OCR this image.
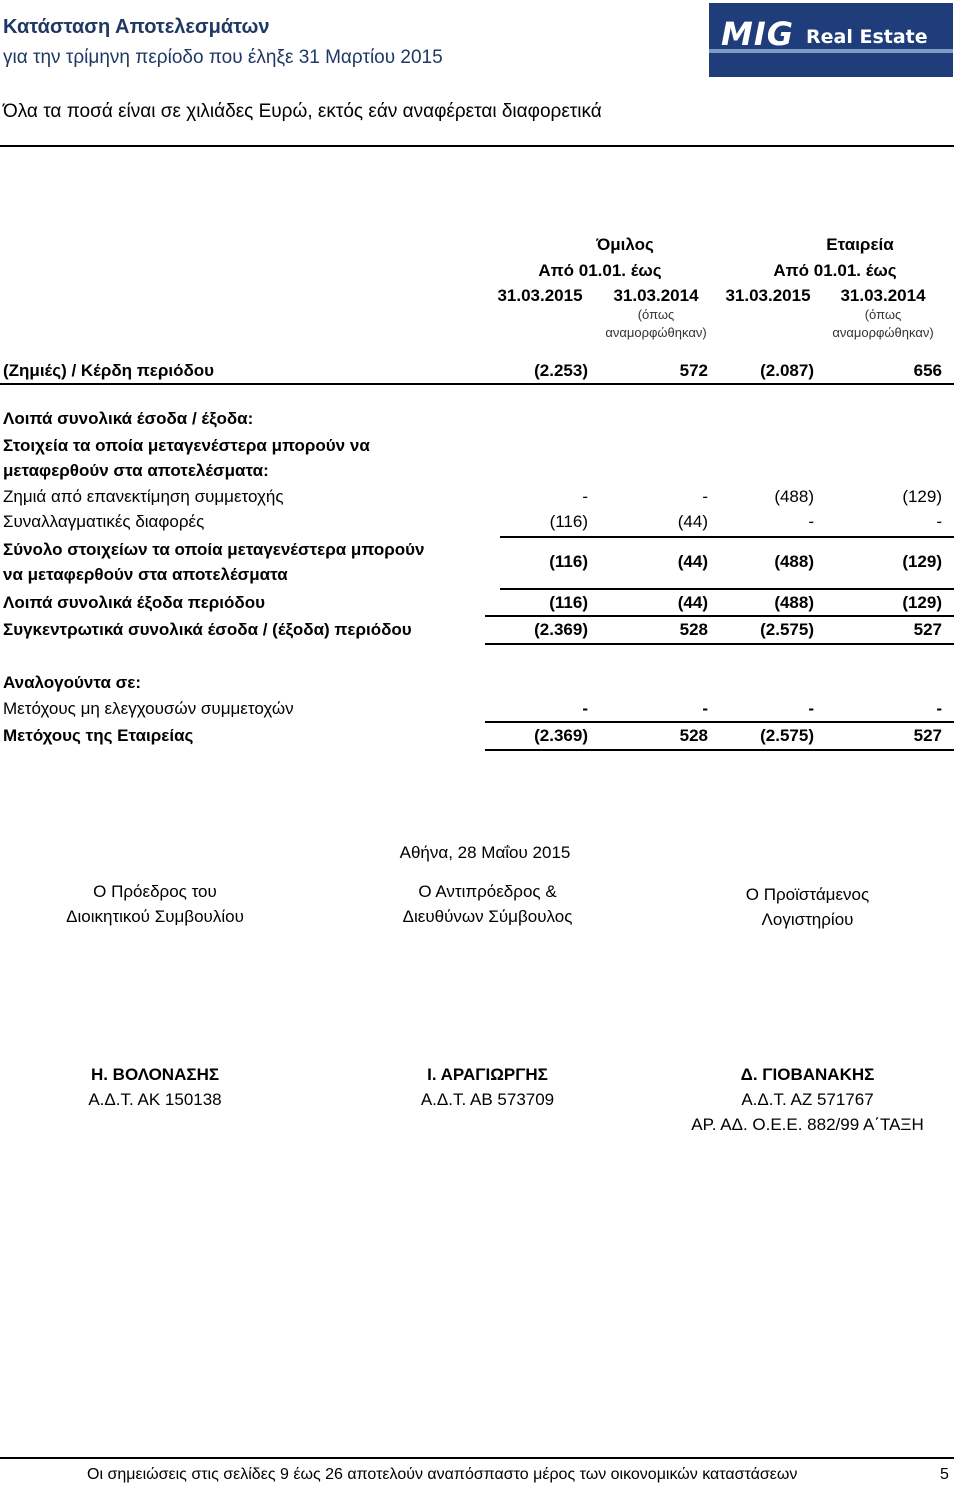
Κατάσταση Αποτελεσμάτων
για την τρίμηνη περίοδο που έληξε 31 Μαρτίου 2015
Όλα τα ποσά είναι σε χιλιάδες Ευρώ, εκτός εάν αναφέρεται διαφορετικά
MIG Real Estate
Όμιλος	Εταιρεία
Από 01.01. έως	Από 01.01. έως
31.03.2015	31.03.2014	31.03.2015	31.03.2014
(όπως
αναμορφώθηκαν)
(όπως
αναμορφώθηκαν)
(Ζημιές) / Κέρδη περιόδου	(2.253)	572	(2.087)	656
Λοιπά συνολικά έσοδα / έξοδα:
Στοιχεία τα οποία μεταγενέστερα μπορούν να
μεταφερθούν στα αποτελέσματα:
Ζημιά από επανεκτίμηση συμμετοχής	-	-	(488)	(129)
Συναλλαγματικές διαφορές	(116)	(44)	-	-
Σύνολο στοιχείων τα οποία μεταγενέστερα μπορούν
να μεταφερθούν στα αποτελέσματα
(116)	(44)	(488)	(129)
Λοιπά συνολικά έξοδα περιόδου	(116)	(44)	(488)	(129)
Συγκεντρωτικά συνολικά έσοδα / (έξοδα) περιόδου	(2.369)	528	(2.575)	527
Αναλογούντα σε:
Μετόχους μη ελεγχουσών συμμετοχών	-	-	-	-
Μετόχους της Εταιρείας	(2.369)	528	(2.575)	527
Αθήνα, 28 Μαΐου 2015
Ο Πρόεδρος του
Διοικητικού Συμβουλίου
Ο Αντιπρόεδρος &
Διευθύνων Σύμβουλος
Ο Προϊστάμενος
Λογιστηρίου
Η. ΒΟΛΟΝΑΣΗΣ
Α.Δ.Τ. ΑΚ 150138
Ι. ΑΡΑΓΙΩΡΓΗΣ
Α.Δ.Τ. ΑΒ 573709
Δ. ΓΙΟΒΑΝΑΚΗΣ
Α.Δ.Τ. ΑΖ 571767
ΑΡ. ΑΔ. Ο.Ε.Ε. 882/99 Α΄ΤΑΞΗ
Οι σημειώσεις στις σελίδες 9 έως 26 αποτελούν αναπόσπαστο μέρος των οικονομικών καταστάσεων	5
